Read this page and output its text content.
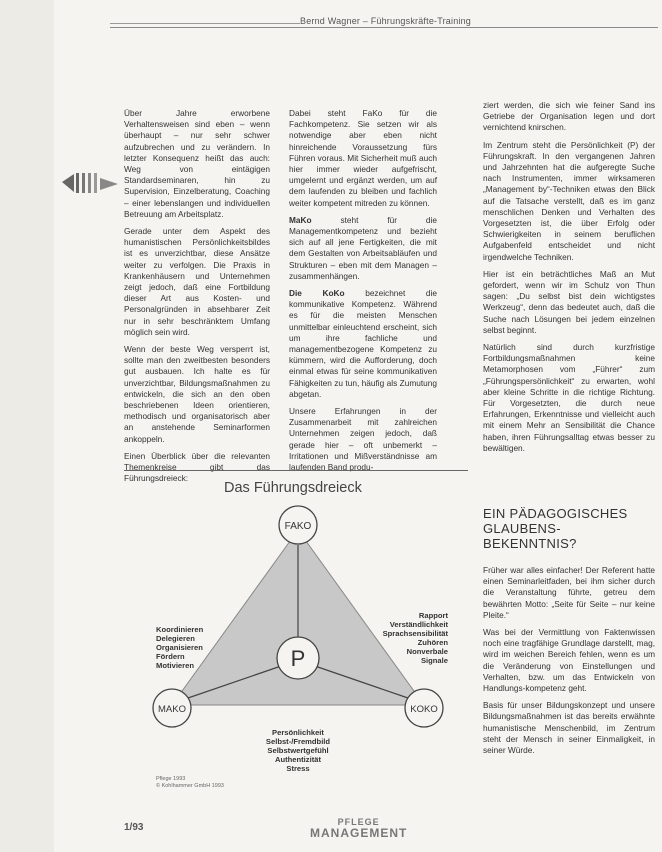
Bernd Wagner – Führungskräfte-Training

Über Jahre erworbene Verhaltensweisen sind eben – wenn überhaupt – nur sehr schwer aufzubrechen und zu verändern. In letzter Konsequenz heißt das auch: Weg von eintägigen Standardseminaren, hin zu Supervision, Einzelberatung, Coaching – einer lebenslangen und individuellen Betreuung am Arbeitsplatz.

Gerade unter dem Aspekt des humanistischen Persönlichkeitsbildes ist es unverzichtbar, diese Ansätze weiter zu verfolgen. Die Praxis in Krankenhäusern und Unternehmen zeigt jedoch, daß eine Fortbildung dieser Art aus Kosten- und Personalgründen in absehbarer Zeit nur in sehr beschränktem Umfang möglich sein wird.

Wenn der beste Weg versperrt ist, sollte man den zweitbesten besonders gut ausbauen. Ich halte es für unverzichtbar, Bildungsmaßnahmen zu entwickeln, die sich an den oben beschriebenen Ideen orientieren, methodisch und organisatorisch aber an anstehende Seminarformen ankoppeln.

Einen Überblick über die relevanten Themenkreise gibt das Führungsdreieck:

Dabei steht FaKo für die Fachkompetenz. Sie setzen wir als notwendige aber eben nicht hinreichende Voraussetzung fürs Führen voraus. Mit Sicherheit muß auch hier immer wieder aufgefrischt, umgelernt und ergänzt werden, um auf dem laufenden zu bleiben und fachlich weiter kompetent mitreden zu können.

MaKo steht für die Managementkompetenz und bezieht sich auf all jene Fertigkeiten, die mit dem Gestalten von Arbeitsabläufen und Strukturen – eben mit dem Managen – zusammenhängen.

Die KoKo bezeichnet die kommunikative Kompetenz. Während es für die meisten Menschen unmittelbar einleuchtend erscheint, sich um ihre fachliche und managementbezogene Kompetenz zu kümmern, wird die Aufforderung, doch einmal etwas für seine kommunikativen Fähigkeiten zu tun, häufig als Zumutung abgetan.

Unsere Erfahrungen in der Zusammenarbeit mit zahlreichen Unternehmen zeigen jedoch, daß gerade hier – oft unbemerkt – Irritationen und Mißverständnisse am laufenden Band produ-

ziert werden, die sich wie feiner Sand ins Getriebe der Organisation legen und dort vernichtend knirschen.

Im Zentrum steht die Persönlichkeit (P) der Führungskraft. In den vergangenen Jahren und Jahrzehnten hat die aufgeregte Suche nach Instrumenten, immer wirksameren „Management by“-Techniken etwas den Blick auf die Tatsache verstellt, daß es im ganz menschlichen Denken und Verhalten des Vorgesetzten ist, die über Erfolg oder Schwierigkeiten in seinem beruflichen Aufgabenfeld entscheidet und nicht irgendwelche Techniken.

Hier ist ein beträchtliches Maß an Mut gefordert, wenn wir im Schulz von Thun sagen: „Du selbst bist dein wichtigstes Werkzeug“, denn das bedeutet auch, daß die Suche nach Lösungen bei jedem einzelnen selbst beginnt.

Natürlich sind durch kurzfristige Fortbildungsmaßnahmen keine Metamorphosen vom „Führer“ zum „Führungspersönlichkeit“ zu erwarten, wohl aber kleine Schritte in die richtige Richtung. Für Vorgesetzten, die durch neue Erfahrungen, Erkenntnisse und vielleicht auch mit einem Mehr an Sensibilität die Chance haben, ihren Führungsalltag etwas besser zu bewältigen.

EIN PÄDAGOGISCHES
GLAUBENS-
BEKENNTNIS?

Früher war alles einfacher! Der Referent hatte einen Seminarleitfaden, bei ihm sicher durch die Veranstaltung führte, getreu dem bewährten Motto: „Seite für Seite – nur keine Pleite.“

Was bei der Vermittlung von Faktenwissen noch eine tragfähige Grundlage darstellt, mag, wird im weichen Bereich fehlen, wenn es um die Veränderung von Einstellungen und Verhalten, bzw. um das Entwickeln von Handlungs-kompetenz geht.

Basis für unser Bildungskonzept und unsere Bildungsmaßnahmen ist das bereits erwähnte humanistische Menschenbild, im Zentrum steht der Mensch in seiner Einmaligkeit, in seiner Würde.

Das Führungsdreieck
FAKO
MAKO	KOKO
P
Koordinieren
Delegieren
Organisieren
Fördern
Motivieren
Rapport
Verständlichkeit
Sprachsensibilität
Zuhören
Nonverbale
Signale
Persönlichkeit
Selbst-/Fremdbild
Selbstwertgefühl
Authentizität
Stress
Pflege 1993
© Kohlhammer GmbH 1993
1/93	PFLEGE
MANAGEMENT
